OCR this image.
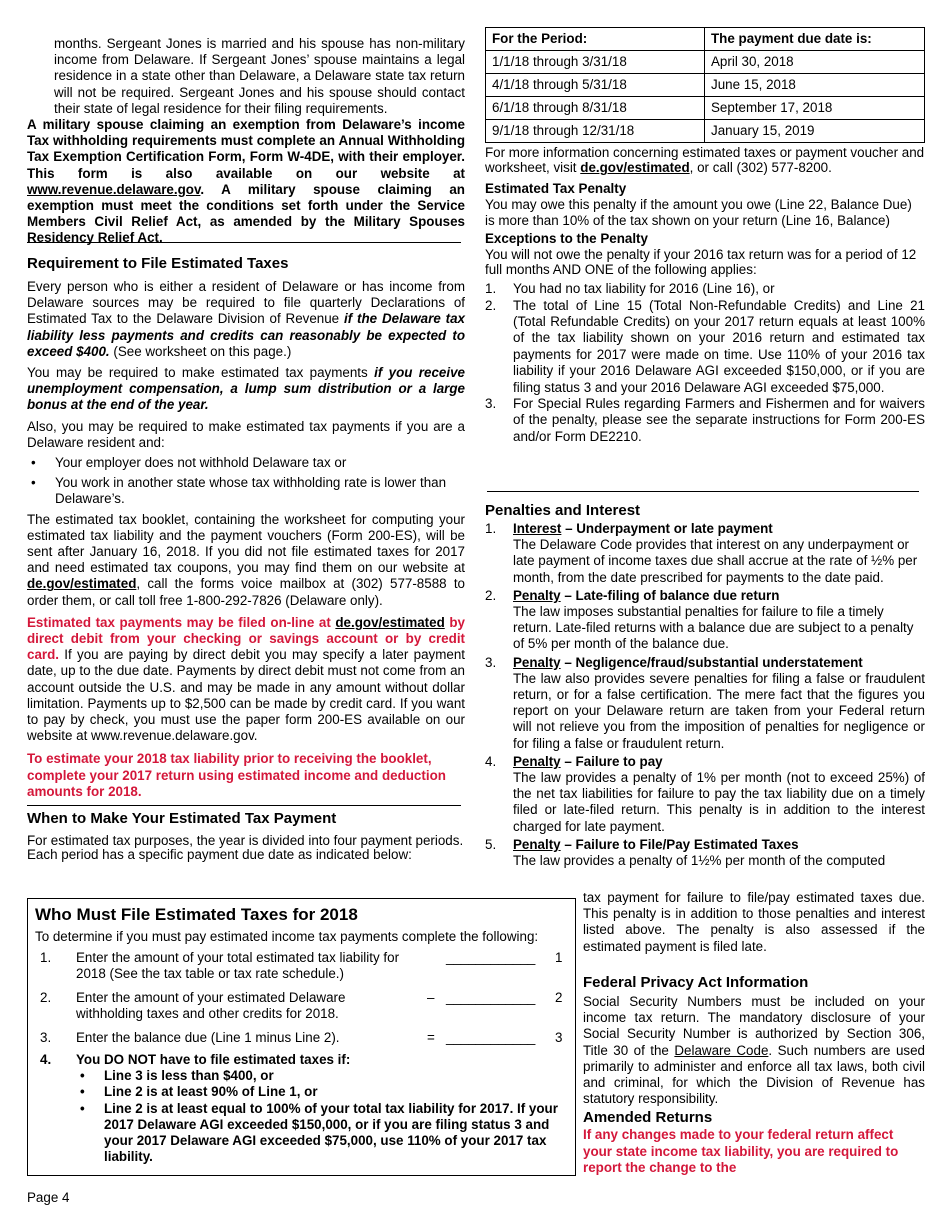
months. Sergeant Jones is married and his spouse has non-military income from Delaware. If Sergeant Jones’ spouse maintains a legal residence in a state other than Delaware, a Delaware state tax return will not be required. Sergeant Jones and his spouse should contact their state of legal residence for their filing requirements.

A military spouse claiming an exemption from Delaware’s income Tax withholding requirements must complete an Annual Withholding Tax Exemption Certification Form, Form W-4DE, with their employer. This form is also available on our website at www.revenue.delaware.gov. A military spouse claiming an exemption must meet the conditions set forth under the Service Members Civil Relief Act, as amended by the Military Spouses Residency Relief Act.
Requirement to File Estimated Taxes

Every person who is either a resident of Delaware or has income from Delaware sources may be required to file quarterly Declarations of Estimated Tax to the Delaware Division of Revenue if the Delaware tax liability less payments and credits can reasonably be expected to exceed $400. (See worksheet on this page.)

You may be required to make estimated tax payments if you receive unemployment compensation, a lump sum distribution or a large bonus at the end of the year.

Also, you may be required to make estimated tax payments if you are a Delaware resident and:

• Your employer does not withhold Delaware tax or
• You work in another state whose tax withholding rate is lower than Delaware’s.

The estimated tax booklet, containing the worksheet for computing your estimated tax liability and the payment vouchers (Form 200-ES), will be sent after January 16, 2018. If you did not file estimated taxes for 2017 and need estimated tax coupons, you may find them on our website at de.gov/estimated, call the forms voice mailbox at (302) 577-8588 to order them, or call toll free 1-800-292-7826 (Delaware only).

Estimated tax payments may be filed on-line at de.gov/estimated by direct debit from your checking or savings account or by credit card. If you are paying by direct debit you may specify a later payment date, up to the due date. Payments by direct debit must not come from an account outside the U.S. and may be made in any amount without dollar limitation. Payments up to $2,500 can be made by credit card. If you want to pay by check, you must use the paper form 200-ES available on our website at www.revenue.delaware.gov.

To estimate your 2018 tax liability prior to receiving the booklet, complete your 2017 return using estimated income and deduction amounts for 2018.

When to Make Your Estimated Tax Payment

For estimated tax purposes, the year is divided into four payment periods. Each period has a specific payment due date as indicated below:

Who Must File Estimated Taxes for 2018
To determine if you must pay estimated income tax payments complete the following:
1. Enter the amount of your total estimated tax liability for 2018 (See the tax table or tax rate schedule.)
____________ 1
2. Enter the amount of your estimated Delaware withholding taxes and other credits for 2018.
– ____________ 2
3. Enter the balance due (Line 1 minus Line 2).	= ____________ 3
4. You DO NOT have to file estimated taxes if:
• Line 3 is less than $400, or
• Line 2 is at least 90% of Line 1, or
• Line 2 is at least equal to 100% of your total tax liability for 2017. If your 2017 Delaware AGI exceeded $150,000, or if you are filing status 3 and your 2017 Delaware AGI exceeded $75,000, use 110% of your 2017 tax liability.
Page 4
For the Period:	The payment due date is:
1/1/18 through 3/31/18	April 30, 2018
4/1/18 through 5/31/18	June 15, 2018
6/1/18 through 8/31/18	September 17, 2018
9/1/18 through 12/31/18	January 15, 2019

For more information concerning estimated taxes or payment voucher and worksheet, visit de.gov/estimated, or call (302) 577-8200.

Estimated Tax Penalty

You may owe this penalty if the amount you owe (Line 22, Balance Due) is more than 10% of the tax shown on your return (Line 16, Balance)

Exceptions to the Penalty

You will not owe the penalty if your 2016 tax return was for a period of 12 full months AND ONE of the following applies:

1. You had no tax liability for 2016 (Line 16), or
2. The total of Line 15 (Total Non-Refundable Credits) and Line 21 (Total Refundable Credits) on your 2017 return equals at least 100% of the tax liability shown on your 2016 return and estimated tax payments for 2017 were made on time. Use 110% of your 2016 tax liability if your 2016 Delaware AGI exceeded $150,000, or if you are filing status 3 and your 2016 Delaware AGI exceeded $75,000.
3. For Special Rules regarding Farmers and Fishermen and for waivers of the penalty, please see the separate instructions for Form 200-ES and/or Form DE2210.
Penalties and Interest
1. Interest – Underpayment or late payment
The Delaware Code provides that interest on any underpayment or late payment of income taxes due shall accrue at the rate of ½% per month, from the date prescribed for payments to the date paid.
2. Penalty – Late-filing of balance due return
The law imposes substantial penalties for failure to file a timely return. Late-filed returns with a balance due are subject to a penalty of 5% per month of the balance due.
3. Penalty – Negligence/fraud/substantial understatement
The law also provides severe penalties for filing a false or fraudulent return, or for a false certification. The mere fact that the figures you report on your Delaware return are taken from your Federal return will not relieve you from the imposition of penalties for negligence or for filing a false or fraudulent return.
4. Penalty – Failure to pay
The law provides a penalty of 1% per month (not to exceed 25%) of the net tax liabilities for failure to pay the tax liability due on a timely filed or late-filed return. This penalty is in addition to the interest charged for late payment.
5. Penalty – Failure to File/Pay Estimated Taxes
The law provides a penalty of 1½% per month of the computed

tax payment for failure to file/pay estimated taxes due. This penalty is in addition to those penalties and interest listed above. The penalty is also assessed if the estimated payment is filed late.

Federal Privacy Act Information

Social Security Numbers must be included on your income tax return. The mandatory disclosure of your Social Security Number is authorized by Section 306, Title 30 of the Delaware Code. Such numbers are used primarily to administer and enforce all tax laws, both civil and criminal, for which the Division of Revenue has statutory responsibility.

Amended Returns

If any changes made to your federal return affect your state income tax liability, you are required to report the change to the
